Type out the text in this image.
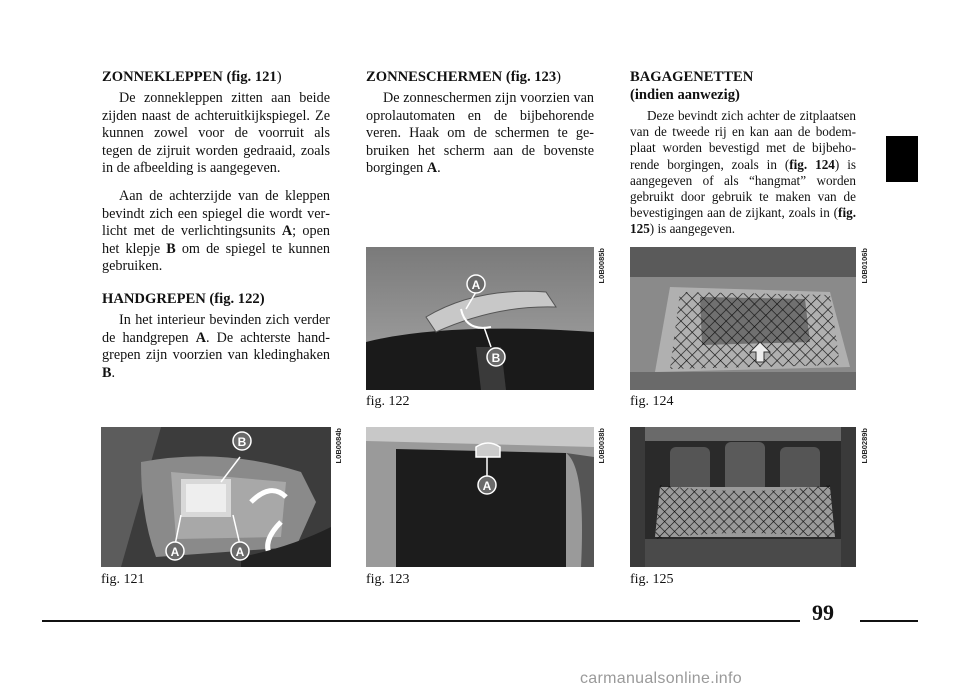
ZONNEKLEPPEN (fig. 121)

De zonnekleppen zitten aan beide zijden naast de achteruitkijkspiegel. Ze kunnen zowel voor de voorruit als tegen de zijruit worden gedraaid, zoals in de afbeelding is aangegeven.

Aan de achterzijde van de kleppen bevindt zich een spiegel die wordt verlicht met de verlichtingsunits A; open het klepje B om de spiegel te kunnen gebruiken.

HANDGREPEN (fig. 122)

In het interieur bevinden zich verder de handgrepen A. De achterste handgrepen zijn voorzien van kledinghaken B.

ZONNESCHERMEN (fig. 123)

De zonneschermen zijn voorzien van oprolautomaten en de bijbehorende veren. Haak om de schermen te gebruiken het scherm aan de bovenste borgingen A.

BAGAGENETTEN
(indien aanwezig)

Deze bevindt zich achter de zitplaatsen van de tweede rij en kan aan de bodemplaat worden bevestigd met de bijbehorende borgingen, zoals in (fig. 124) is aangegeven of als “hangmat” worden gebruikt door gebruik te maken van de bevestigingen aan de zijkant, zoals in (fig. 125) is aangegeven.

B
A	A
L0B0084b
fig. 121
A
B
L0B0085b
fig. 122
A
L0B0038b
fig. 123
L0B0106b
fig. 124
L0B0289b
fig. 125
99
carmanualsonline.info
